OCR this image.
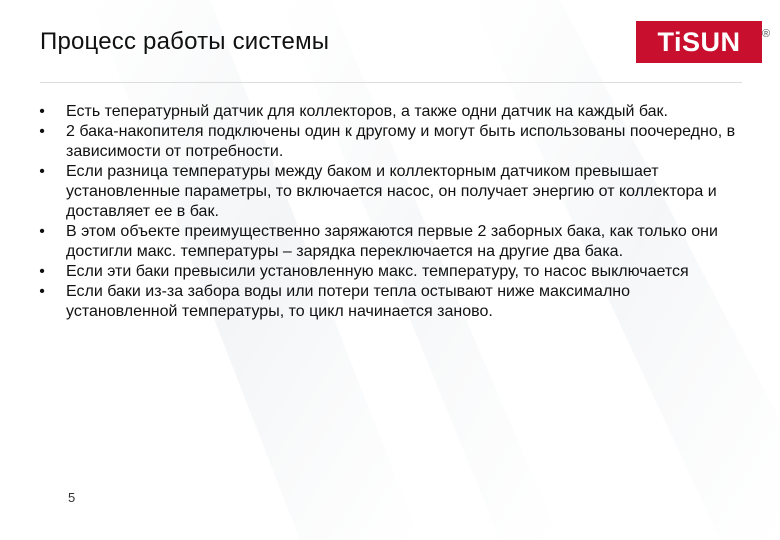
Процесс работы системы	TiSUN	®
• Есть тепературный датчик для коллекторов, а также одни датчик на каждый бак.
• 2 бака-накопителя подключены один к другому и могут быть использованы поочередно, в зависимости от потребности.
• Если разница температуры между баком и коллекторным датчиком превышает установленные параметры, то включается насос, он получает энергию от коллектора и доставляет ее в бак.
• В этом объекте преимущественно заряжаются первые 2 заборных бака, как только они достигли макс. температуры – зарядка переключается на другие два бака.
• Если эти баки превысили установленную макс. температуру, то насос выключается
• Если баки из-за забора воды или потери тепла остывают ниже максимално установленной температуры, то цикл начинается заново.
5
